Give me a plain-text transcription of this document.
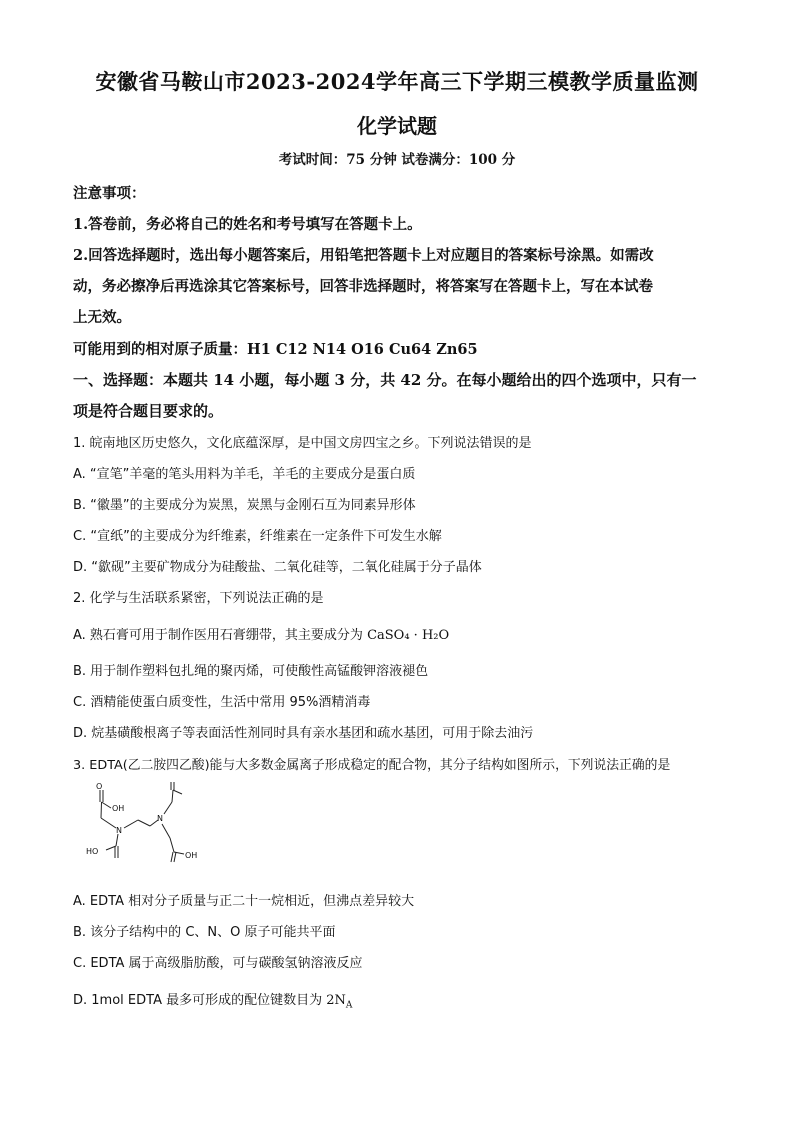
安徽省马鞍山市2023-2024学年高三下学期三模教学质量监测
化学试题
考试时间：75 分钟 试卷满分：100 分
注意事项：
1.答卷前，务必将自己的姓名和考号填写在答题卡上。
2.回答选择题时，选出每小题答案后，用铅笔把答题卡上对应题目的答案标号涂黑。如需改
动，务必擦净后再选涂其它答案标号，回答非选择题时，将答案写在答题卡上，写在本试卷
上无效。
可能用到的相对原子质量：H1 C12 N14 O16 Cu64 Zn65
一、选择题：本题共 14 小题，每小题 3 分，共 42 分。在每小题给出的四个选项中，只有一
项是符合题目要求的。
1. 皖南地区历史悠久，文化底蕴深厚，是中国文房四宝之乡。下列说法错误的是
A. “宣笔”羊毫的笔头用料为羊毛，羊毛的主要成分是蛋白质
B. “徽墨”的主要成分为炭黑，炭黑与金刚石互为同素异形体
C. “宣纸”的主要成分为纤维素，纤维素在一定条件下可发生水解
D. “歙砚”主要矿物成分为硅酸盐、二氧化硅等，二氧化硅属于分子晶体
2. 化学与生活联系紧密，下列说法正确的是
A. 熟石膏可用于制作医用石膏绷带，其主要成分为 CaSO₄ · H₂O
B. 用于制作塑料包扎绳的聚丙烯，可使酸性高锰酸钾溶液褪色
C. 酒精能使蛋白质变性，生活中常用 95%酒精消毒
D. 烷基磺酸根离子等表面活性剂同时具有亲水基团和疏水基团，可用于除去油污
3. EDTA(乙二胺四乙酸)能与大多数金属离子形成稳定的配合物，其分子结构如图所示，下列说法正确的是
O
OH
N
N
HO	OH
A. EDTA 相对分子质量与正二十一烷相近，但沸点差异较大
B. 该分子结构中的 C、N、O 原子可能共平面
C. EDTA 属于高级脂肪酸，可与碳酸氢钠溶液反应
D. 1mol EDTA 最多可形成的配位键数目为 $2N_A$
